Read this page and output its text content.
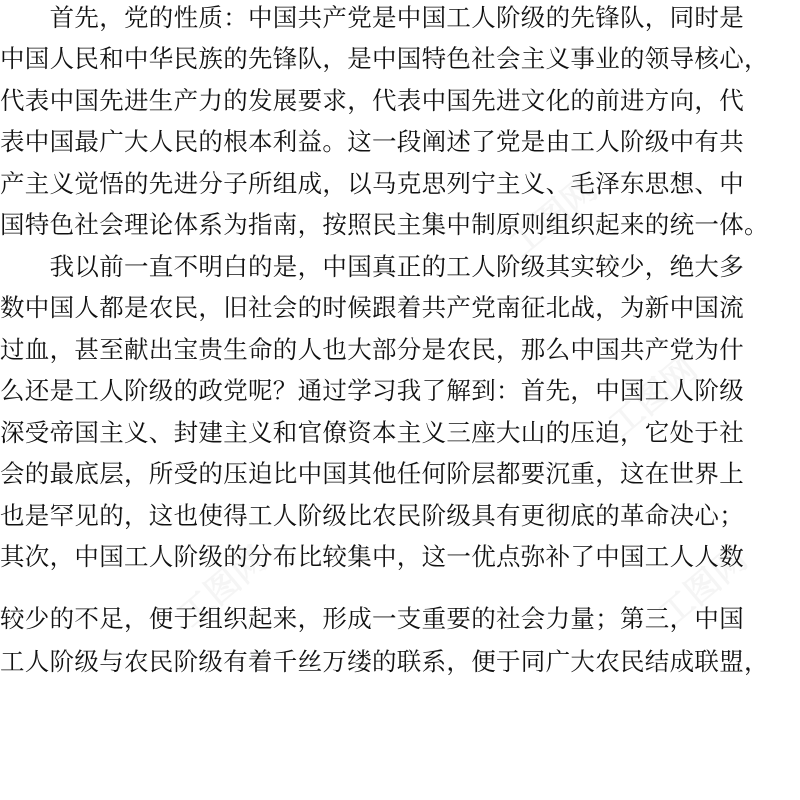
　　首先，党的性质：中国共产党是中国工人阶级的先锋队，同时是
中国人民和中华民族的先锋队，是中国特色社会主义事业的领导核心，
代表中国先进生产力的发展要求，代表中国先进文化的前进方向，代
表中国最广大人民的根本利益。这一段阐述了党是由工人阶级中有共
产主义觉悟的先进分子所组成，以马克思列宁主义、毛泽东思想、中
国特色社会理论体系为指南，按照民主集中制原则组织起来的统一体。
　　我以前一直不明白的是，中国真正的工人阶级其实较少，绝大多
数中国人都是农民，旧社会的时候跟着共产党南征北战，为新中国流
过血，甚至献出宝贵生命的人也大部分是农民，那么中国共产党为什
么还是工人阶级的政党呢？通过学习我了解到：首先，中国工人阶级
深受帝国主义、封建主义和官僚资本主义三座大山的压迫，它处于社
会的最底层，所受的压迫比中国其他任何阶层都要沉重，这在世界上
也是罕见的，这也使得工人阶级比农民阶级具有更彻底的革命决心；
其次，中国工人阶级的分布比较集中，这一优点弥补了中国工人人数
较少的不足，便于组织起来，形成一支重要的社会力量；第三，中国
工人阶级与农民阶级有着千丝万缕的联系，便于同广大农民结成联盟，
